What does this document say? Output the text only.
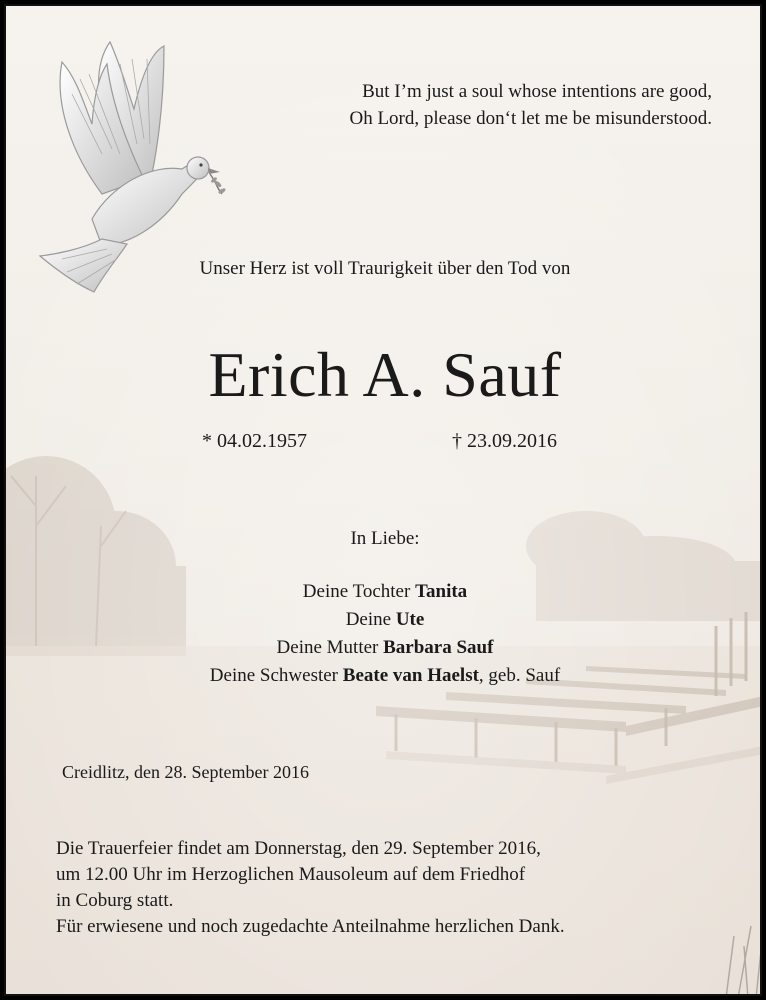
But I’m just a soul whose intentions are good,
Oh Lord, please don‘t let me be misunderstood.
Unser Herz ist voll Traurigkeit über den Tod von
Erich A. Sauf
* 04.02.1957	† 23.09.2016
In Liebe:
Deine Tochter Tanita
Deine Ute
Deine Mutter Barbara Sauf
Deine Schwester Beate van Haelst, geb. Sauf
Creidlitz, den 28. September 2016
Die Trauerfeier findet am Donnerstag, den 29. September 2016,
um 12.00 Uhr im Herzoglichen Mausoleum auf dem Friedhof
in Coburg statt.
Für erwiesene und noch zugedachte Anteilnahme herzlichen Dank.
